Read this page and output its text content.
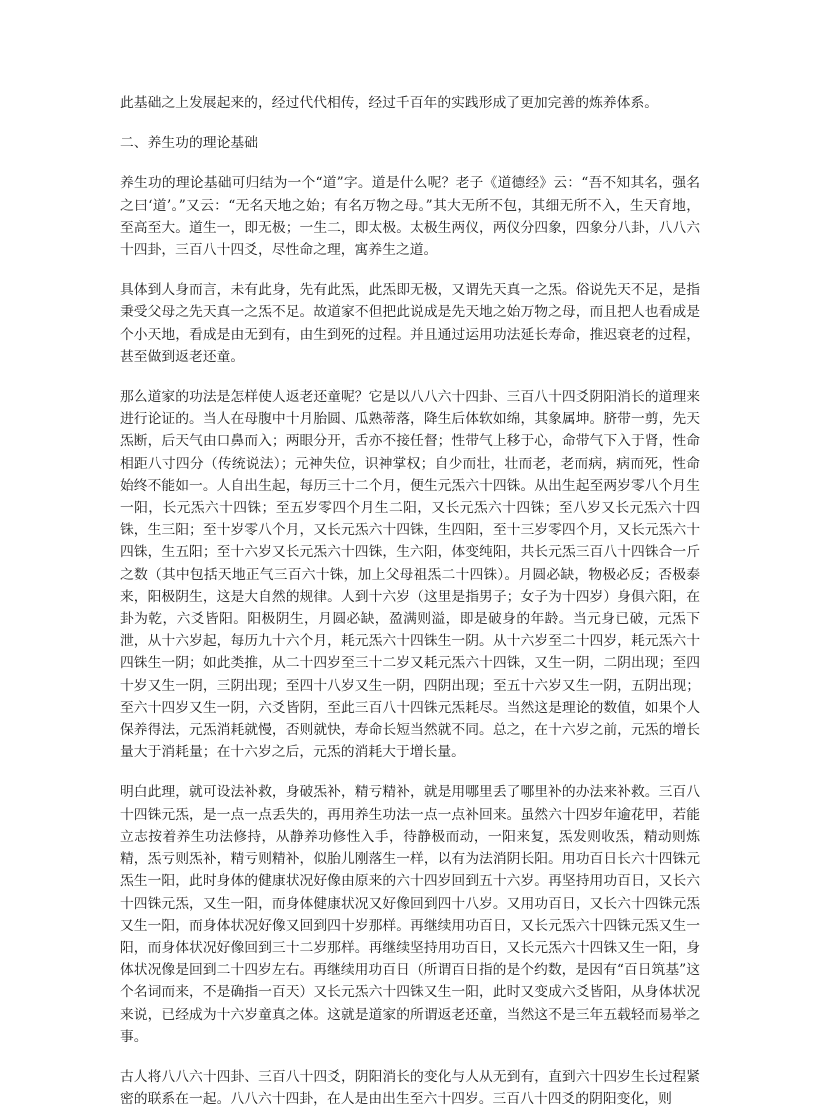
此基础之上发展起来的，经过代代相传，经过千百年的实践形成了更加完善的炼养体系。

二、养生功的理论基础

养生功的理论基础可归结为一个“道”字。道是什么呢？老子《道德经》云：“吾不知其名，强名之曰‘道’。”又云：“无名天地之始；有名万物之母。”其大无所不包，其细无所不入，生天育地，至高至大。道生一，即无极；一生二，即太极。太极生两仪，两仪分四象，四象分八卦，八八六十四卦，三百八十四爻，尽性命之理，寓养生之道。

具体到人身而言，未有此身，先有此炁，此炁即无极，又谓先天真一之炁。俗说先天不足，是指秉受父母之先天真一之炁不足。故道家不但把此说成是先天地之始万物之母，而且把人也看成是个小天地，看成是由无到有，由生到死的过程。并且通过运用功法延长寿命，推迟衰老的过程，甚至做到返老还童。

那么道家的功法是怎样使人返老还童呢？它是以八八六十四卦、三百八十四爻阴阳消长的道理来进行论证的。当人在母腹中十月胎圆、瓜熟蒂落，降生后体软如绵，其象属坤。脐带一剪，先天炁断，后天气由口鼻而入；两眼分开，舌亦不接任督；性带气上移于心，命带气下入于肾，性命相距八寸四分（传统说法）；元神失位，识神掌权；自少而壮，壮而老，老而病，病而死，性命始终不能如一。人自出生起，每历三十二个月，便生元炁六十四铢。从出生起至两岁零八个月生一阳，长元炁六十四铢；至五岁零四个月生二阳，又长元炁六十四铢；至八岁又长元炁六十四铢，生三阳；至十岁零八个月，又长元炁六十四铢，生四阳，至十三岁零四个月，又长元炁六十四铢，生五阳；至十六岁又长元炁六十四铢，生六阳，体变纯阳，共长元炁三百八十四铢合一斤之数（其中包括天地正气三百六十铢，加上父母祖炁二十四铢）。月圆必缺，物极必反；否极泰来，阳极阴生，这是大自然的规律。人到十六岁（这里是指男子；女子为十四岁）身俱六阳，在卦为乾，六爻皆阳。阳极阴生，月圆必缺，盈满则溢，即是破身的年龄。当元身已破，元炁下泄，从十六岁起，每历九十六个月，耗元炁六十四铢生一阴。从十六岁至二十四岁，耗元炁六十四铢生一阴；如此类推，从二十四岁至三十二岁又耗元炁六十四铢，又生一阴，二阴出现；至四十岁又生一阴，三阴出现；至四十八岁又生一阴，四阴出现；至五十六岁又生一阴，五阴出现；至六十四岁又生一阴，六爻皆阴，至此三百八十四铢元炁耗尽。当然这是理论的数值，如果个人保养得法，元炁消耗就慢，否则就快，寿命长短当然就不同。总之，在十六岁之前，元炁的增长量大于消耗量；在十六岁之后，元炁的消耗大于增长量。

明白此理，就可设法补救，身破炁补，精亏精补，就是用哪里丢了哪里补的办法来补救。三百八十四铢元炁，是一点一点丢失的，再用养生功法一点一点补回来。虽然六十四岁年逾花甲，若能立志按着养生功法修持，从静养功修性入手，待静极而动，一阳来复，炁发则收炁，精动则炼精，炁亏则炁补，精亏则精补，似胎儿刚落生一样，以有为法消阴长阳。用功百日长六十四铢元炁生一阳，此时身体的健康状况好像由原来的六十四岁回到五十六岁。再坚持用功百日，又长六十四铢元炁，又生一阳，而身体健康状况又好像回到四十八岁。又用功百日，又长六十四铢元炁又生一阳，而身体状况好像又回到四十岁那样。再继续用功百日，又长元炁六十四铢元炁又生一阳，而身体状况好像回到三十二岁那样。再继续坚持用功百日，又长元炁六十四铢又生一阳，身体状况像是回到二十四岁左右。再继续用功百日（所谓百日指的是个约数，是因有“百日筑基”这个名词而来，不是确指一百天）又长元炁六十四铢又生一阳，此时又变成六爻皆阳，从身体状况来说，已经成为十六岁童真之体。这就是道家的所谓返老还童，当然这不是三年五载轻而易举之事。

古人将八八六十四卦、三百八十四爻，阴阳消长的变化与人从无到有，直到六十四岁生长过程紧密的联系在一起。八八六十四卦，在人是由出生至六十四岁。三百八十四爻的阴阳变化，则
